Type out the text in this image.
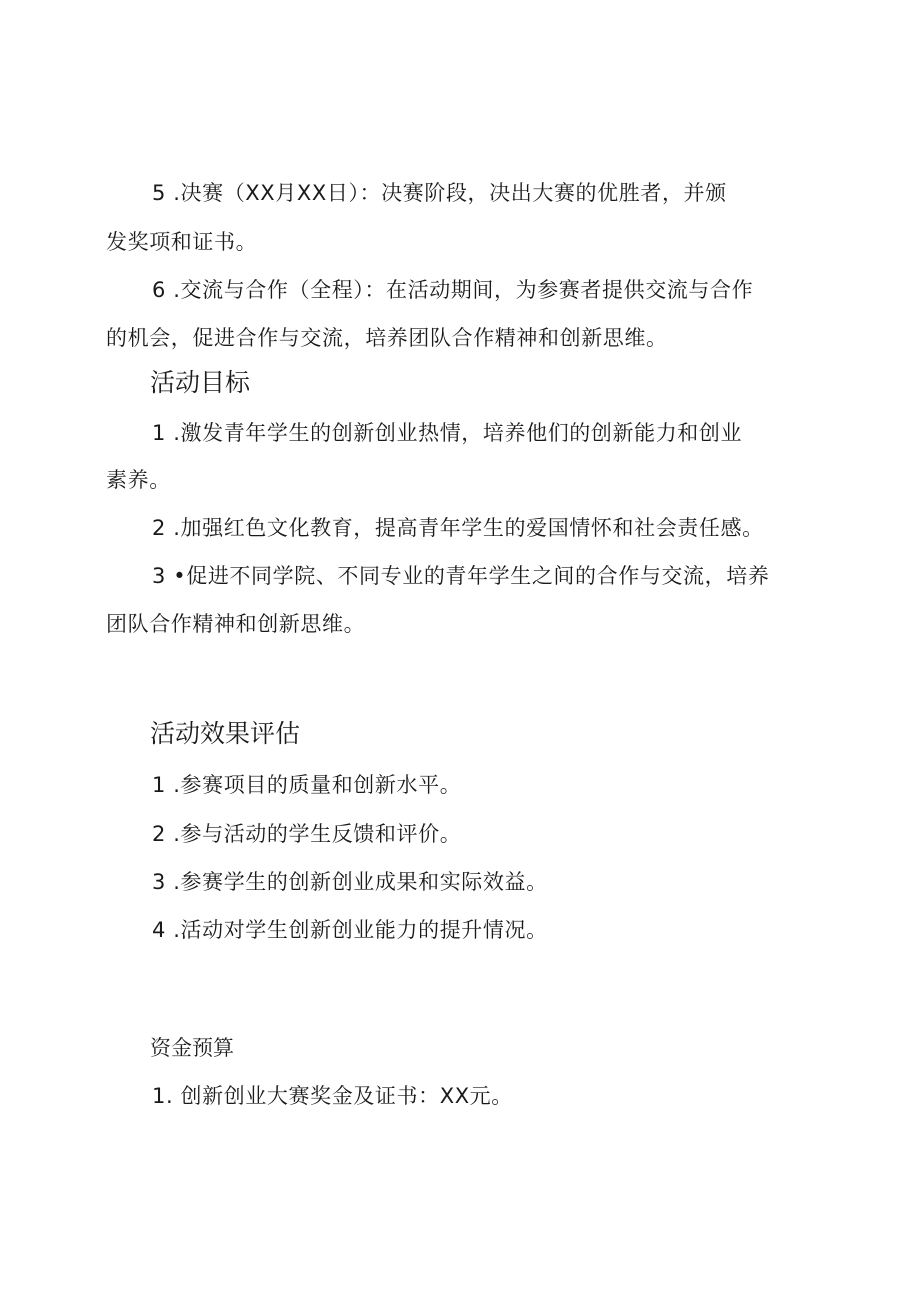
5 .决赛（XX月XX日）：决赛阶段，决出大赛的优胜者，并颁
发奖项和证书。
6 .交流与合作（全程）：在活动期间，为参赛者提供交流与合作
的机会，促进合作与交流，培养团队合作精神和创新思维。
活动目标
1 .激发青年学生的创新创业热情，培养他们的创新能力和创业
素养。
2 .加强红色文化教育，提高青年学生的爱国情怀和社会责任感。
3 •促进不同学院、不同专业的青年学生之间的合作与交流，培养
团队合作精神和创新思维。
活动效果评估
1 .参赛项目的质量和创新水平。
2 .参与活动的学生反馈和评价。
3 .参赛学生的创新创业成果和实际效益。
4 .活动对学生创新创业能力的提升情况。
资金预算
1. 创新创业大赛奖金及证书：XX元。
